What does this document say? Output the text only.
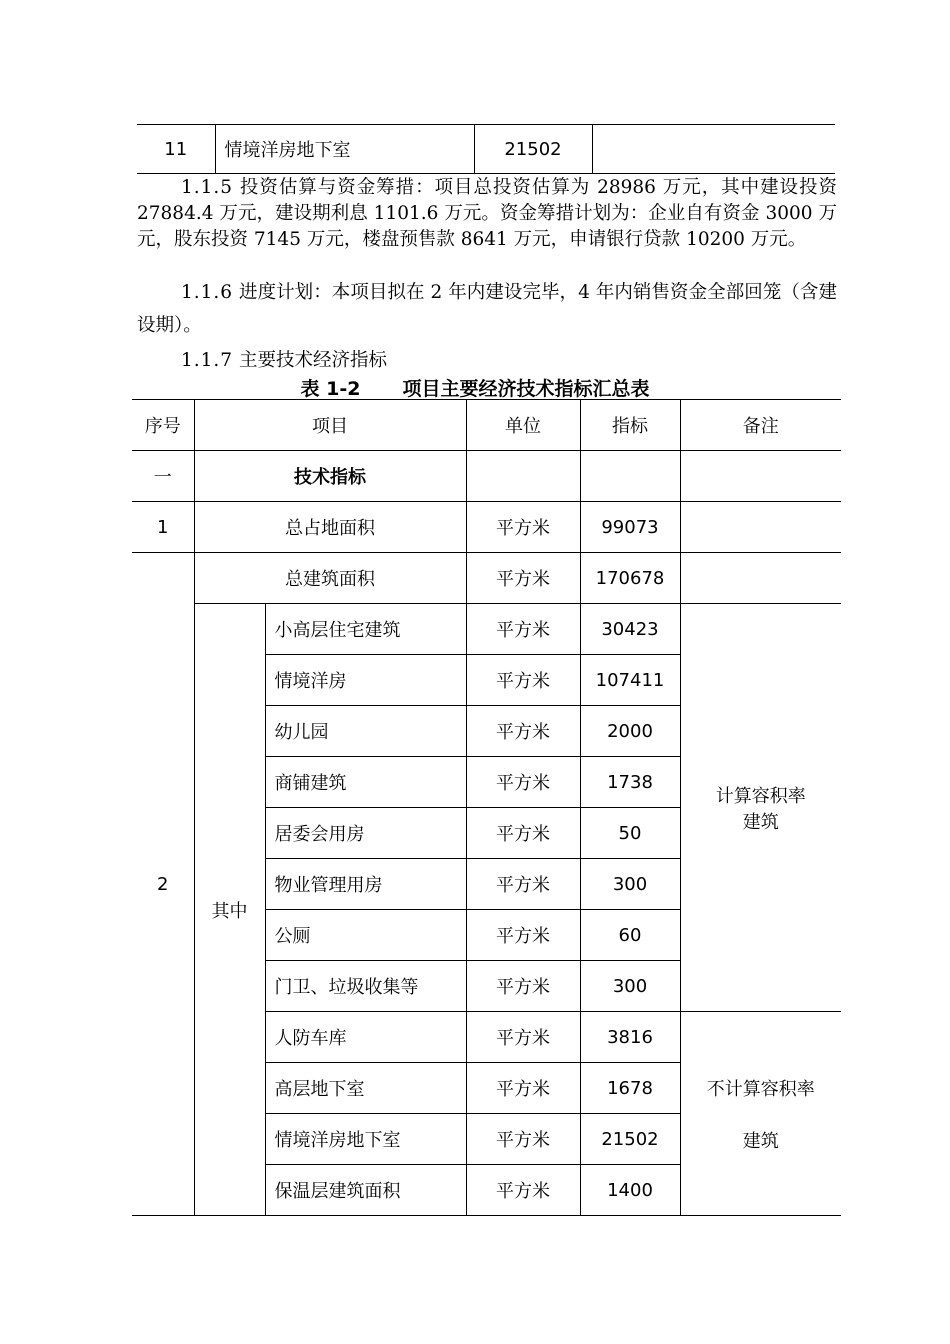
11	情境洋房地下室	21502	
1.1.5 投资估算与资金筹措：项目总投资估算为 28986 万元，其中建设投资 27884.4 万元，建设期利息 1101.6 万元。资金筹措计划为：企业自有资金 3000 万元，股东投资 7145 万元，楼盘预售款 8641 万元，申请银行贷款 10200 万元。
1.1.6 进度计划：本项目拟在 2 年内建设完毕，4 年内销售资金全部回笼（含建设期）。
1.1.7 主要技术经济指标
表 1-2 项目主要经济技术指标汇总表
序号	项目		单位	指标	备注
一	技术指标				
1	总占地面积		平方米	99073	
2	总建筑面积		平方米	170678	
	其中	小高层住宅建筑	平方米	30423	计算容积率
建筑

		情境洋房	平方米	107411	
		幼儿园	平方米	2000	
		商铺建筑	平方米	1738	
		居委会用房	平方米	50	
		物业管理用房	平方米	300	
		公厕	平方米	60	
		门卫、垃圾收集等	平方米	300	
		人防车库	平方米	3816	不计算容积率
建筑

		高层地下室	平方米	1678	
		情境洋房地下室	平方米	21502	
		保温层建筑面积	平方米	1400	
